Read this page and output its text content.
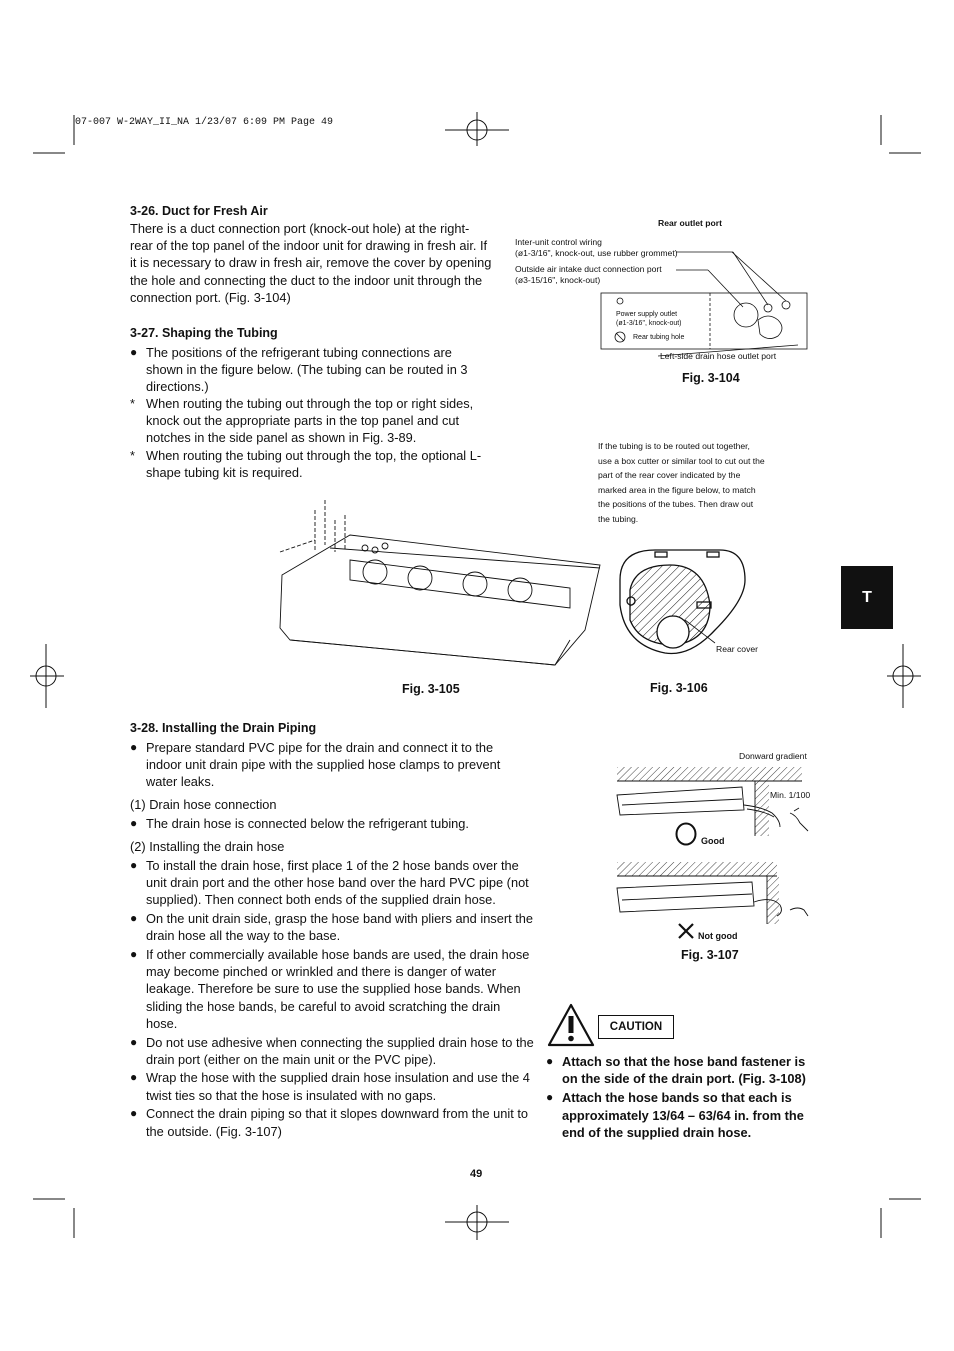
07-007 W-2WAY_II_NA 1/23/07 6:09 PM Page 49
T
3-26. Duct for Fresh Air
There is a duct connection port (knock-out hole) at the right-rear of the top panel of the indoor unit for drawing in fresh air. If it is necessary to draw in fresh air, remove the cover by opening the hole and connecting the duct to the indoor unit through the connection port. (Fig. 3-104)
3-27. Shaping the Tubing
● The positions of the refrigerant tubing connections are shown in the figure below. (The tubing can be routed in 3 directions.)
* When routing the tubing out through the top or right sides, knock out the appropriate parts in the top panel and cut notches in the side panel as shown in Fig. 3-89.
* When routing the tubing out through the top, the optional L-shape tubing kit is required.
Rear outlet port
Inter-unit control wiring
(ø1-3/16", knock-out, use rubber grommet)
Outside air intake duct connection port
(ø3-15/16", knock-out)
Power supply outlet
(ø1-3/16", knock-out)
Rear tubing hole
Left-side drain hose outlet port
Fig. 3-104
Fig. 3-105
If the tubing is to be routed out together, use a box cutter or similar tool to cut out the part of the rear cover indicated by the marked area in the figure below, to match the positions of the tubes. Then draw out the tubing.
Rear cover
Fig. 3-106
3-28. Installing the Drain Piping
● Prepare standard PVC pipe for the drain and connect it to the indoor unit drain pipe with the supplied hose clamps to prevent water leaks.
(1) Drain hose connection
● The drain hose is connected below the refrigerant tubing.
(2) Installing the drain hose
● To install the drain hose, first place 1 of the 2 hose bands over the unit drain port and the other hose band over the hard PVC pipe (not supplied). Then connect both ends of the supplied drain hose.
● On the unit drain side, grasp the hose band with pliers and insert the drain hose all the way to the base.
● If other commercially available hose bands are used, the drain hose may become pinched or wrinkled and there is danger of water leakage. Therefore be sure to use the supplied hose bands. When sliding the hose bands, be careful to avoid scratching the drain hose.
● Do not use adhesive when connecting the supplied drain hose to the drain port (either on the main unit or the PVC pipe).
● Wrap the hose with the supplied drain hose insulation and use the 4 twist ties so that the hose is insulated with no gaps.
● Connect the drain piping so that it slopes downward from the unit to the outside. (Fig. 3-107)
Donward gradient
Min. 1/100
Good
Not good
Fig. 3-107
CAUTION
● Attach so that the hose band fastener is on the side of the drain port. (Fig. 3-108)
● Attach the hose bands so that each is approximately 13/64 – 63/64 in. from the end of the supplied drain hose.
49
